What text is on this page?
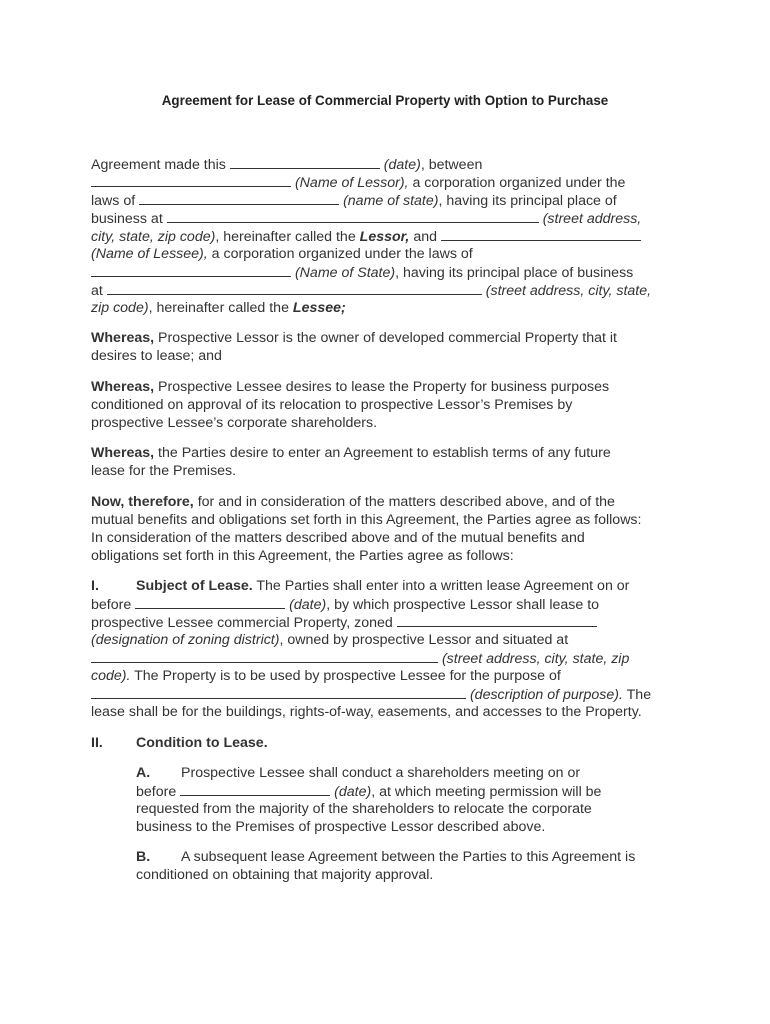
Agreement for Lease of Commercial Property with Option to Purchase
Agreement made this	(date), between
(Name of Lessor), a corporation organized under the
laws of	(name of state), having its principal place of
business at	(street address,
city, state, zip code), hereinafter called the Lessor, and
(Name of Lessee), a corporation organized under the laws of
(Name of State), having its principal place of business
at	(street address, city, state,
zip code), hereinafter called the Lessee;
Whereas, Prospective Lessor is the owner of developed commercial Property that it
desires to lease; and
Whereas, Prospective Lessee desires to lease the Property for business purposes
conditioned on approval of its relocation to prospective Lessor’s Premises by
prospective Lessee’s corporate shareholders.
Whereas, the Parties desire to enter an Agreement to establish terms of any future
lease for the Premises.
Now, therefore, for and in consideration of the matters described above, and of the
mutual benefits and obligations set forth in this Agreement, the Parties agree as follows:
In consideration of the matters described above and of the mutual benefits and
obligations set forth in this Agreement, the Parties agree as follows:
I.	Subject of Lease. The Parties shall enter into a written lease Agreement on or
before	(date), by which prospective Lessor shall lease to
prospective Lessee commercial Property, zoned
(designation of zoning district), owned by prospective Lessor and situated at
(street address, city, state, zip
code). The Property is to be used by prospective Lessee for the purpose of
(description of purpose). The
lease shall be for the buildings, rights-of-way, easements, and accesses to the Property.
II. Condition to Lease.
A. Prospective Lessee shall conduct a shareholders meeting on or
before	(date), at which meeting permission will be
requested from the majority of the shareholders to relocate the corporate
business to the Premises of prospective Lessor described above.
B. A subsequent lease Agreement between the Parties to this Agreement is
conditioned on obtaining that majority approval.
